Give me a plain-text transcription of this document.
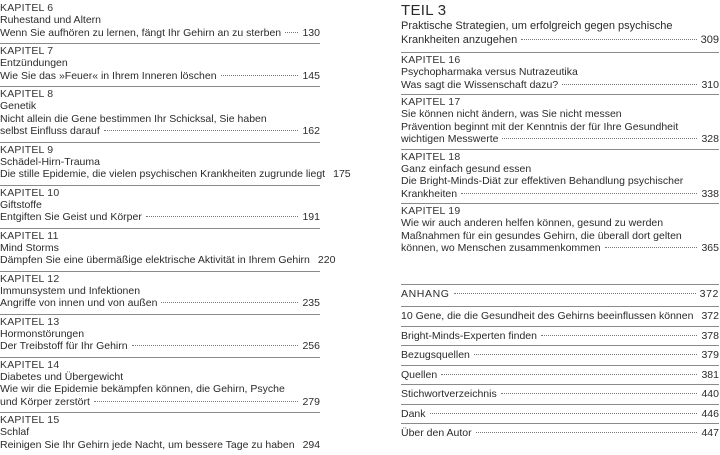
KAPITEL 6
Ruhestand und Altern
Wenn Sie aufhören zu lernen, fängt Ihr Gehirn an zu sterben 130
KAPITEL 7
Entzündungen
Wie Sie das »Feuer« in Ihrem Inneren löschen	145
KAPITEL 8
Genetik
Nicht allein die Gene bestimmen Ihr Schicksal, Sie haben
selbst Einfluss darauf	162
KAPITEL 9
Schädel-Hirn-Trauma
Die stille Epidemie, die vielen psychischen Krankheiten zugrunde liegt 175
KAPITEL 10
Giftstoffe
Entgiften Sie Geist und Körper	191
KAPITEL 11
Mind Storms
Dämpfen Sie eine übermäßige elektrische Aktivität in Ihrem Gehirn 220
KAPITEL 12
Immunsystem und Infektionen
Angriffe von innen und von außen	235
KAPITEL 13
Hormonstörungen
Der Treibstoff für Ihr Gehirn	256
KAPITEL 14
Diabetes und Übergewicht
Wie wir die Epidemie bekämpfen können, die Gehirn, Psyche
und Körper zerstört	279
KAPITEL 15
Schlaf
Reinigen Sie Ihr Gehirn jede Nacht, um bessere Tage zu haben 294
TEIL 3
Praktische Strategien, um erfolgreich gegen psychische
Krankheiten anzugehen	309
KAPITEL 16
Psychopharmaka versus Nutrazeutika
Was sagt die Wissenschaft dazu?	310
KAPITEL 17
Sie können nicht ändern, was Sie nicht messen
Prävention beginnt mit der Kenntnis der für Ihre Gesundheit
wichtigen Messwerte	328
KAPITEL 18
Ganz einfach gesund essen
Die Bright-Minds-Diät zur effektiven Behandlung psychischer
Krankheiten	338
KAPITEL 19
Wie wir auch anderen helfen können, gesund zu werden
Maßnahmen für ein gesundes Gehirn, die überall dort gelten
können, wo Menschen zusammenkommen	365
ANHANG	372
10 Gene, die die Gesundheit des Gehirns beeinflussen können 372
Bright-Minds-Experten finden	378
Bezugsquellen	379
Quellen	381
Stichwortverzeichnis	440
Dank	446
Über den Autor	447
